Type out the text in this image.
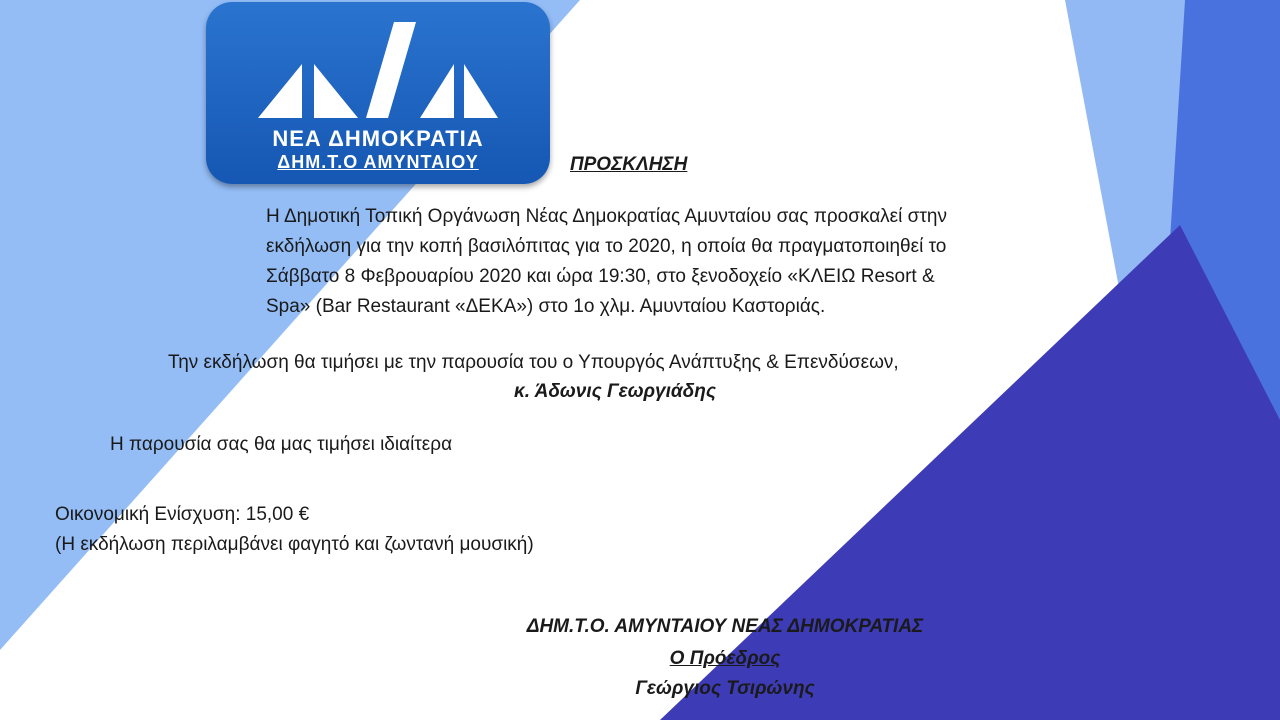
ΝΕΑ ΔΗΜΟΚΡΑΤΙΑ
ΔΗΜ.Τ.Ο ΑΜΥΝΤΑΙΟΥ	ΠΡΟΣΚΛΗΣΗ
Η Δημοτική Τοπική Οργάνωση Νέας Δημοκρατίας Αμυνταίου σας προσκαλεί στην
εκδήλωση για την κοπή βασιλόπιτας για το 2020, η οποία θα πραγματοποιηθεί το
Σάββατο 8 Φεβρουαρίου 2020 και ώρα 19:30, στο ξενοδοχείο «ΚΛΕΙΩ Resort &
Spa» (Bar Restaurant «ΔΕΚΑ») στο 1ο χλμ. Αμυνταίου Καστοριάς.
Την εκδήλωση θα τιμήσει με την παρουσία του ο Υπουργός Ανάπτυξης & Επενδύσεων,
κ. Άδωνις Γεωργιάδης
Η παρουσία σας θα μας τιμήσει ιδιαίτερα
Οικονομική Ενίσχυση: 15,00 €
(Η εκδήλωση περιλαμβάνει φαγητό και ζωντανή μουσική)
ΔΗΜ.Τ.Ο. ΑΜΥΝΤΑΙΟΥ ΝΕΑΣ ΔΗΜΟΚΡΑΤΙΑΣ
Ο Πρόεδρος
Γεώργιος Τσιρώνης
